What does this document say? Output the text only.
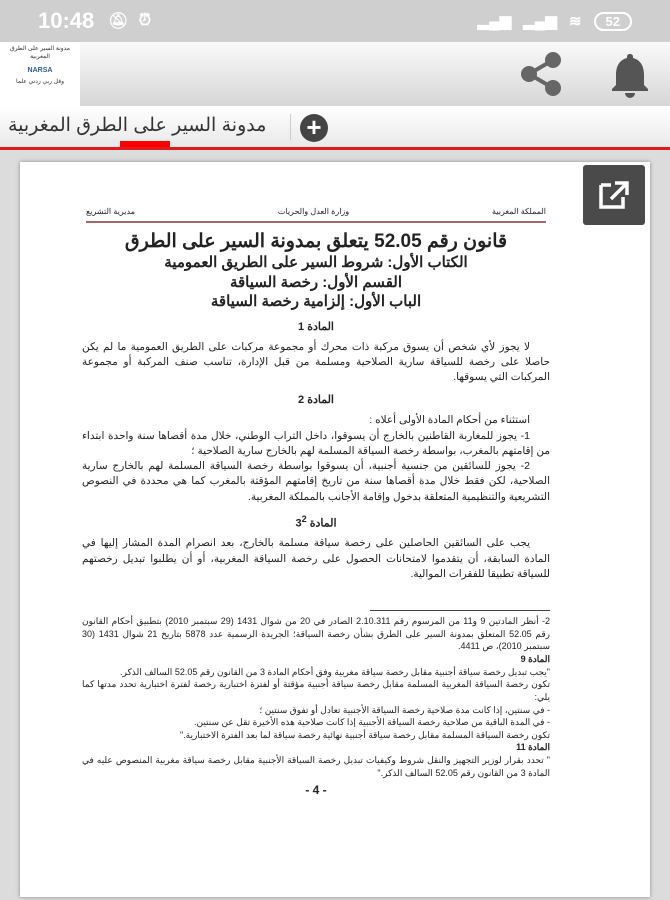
10:48 🔕︎ ⏰︎	▂▄▆ ▂▄▆ ≋	52
مدونة السير على الطرق المغربية
NARSA
وقل ربي زدني علما
مدونة السير على الطرق المغربية +
المملكة المغربية
وزارة العدل والحريات
مديرية التشريع
قانون رقم 52.05 يتعلق بمدونة السير على الطرق
الكتاب الأول: شروط السير على الطريق العمومية
القسم الأول: رخصة السياقة
الباب الأول: إلزامية رخصة السياقة
المادة 1
لا يجوز لأي شخص أن يسوق مركبة ذات محرك أو مجموعة مركبات على الطريق العمومية ما لم يكن حاصلا على رخصة للسياقة سارية الصلاحية ومسلمة من قبل الإدارة، تناسب صنف المركبة أو مجموعة المركبات التي يسوقها.
المادة 2
استثناء من أحكام المادة الأولى أعلاه :
1- يجوز للمغاربة القاطنين بالخارج أن يسوقوا، داخل التراب الوطني، خلال مدة أقصاها سنة واحدة ابتداء من إقامتهم بالمغرب، بواسطة رخصة السياقة المسلمة لهم بالخارج سارية الصلاحية ؛
2- يجوز للسائقين من جنسية أجنبية، أن يسوقوا بواسطة رخصة السياقة المسلمة لهم بالخارج سارية الصلاحية، لكن فقط خلال مدة أقصاها سنة من تاريخ إقامتهم المؤقتة بالمغرب كما هي محددة في النصوص التشريعية والتنظيمية المتعلقة بدخول وإقامة الأجانب بالمملكة المغربية.
المادة $3^2$
يجب على السائقين الحاصلين على رخصة سياقة مسلمة بالخارج، بعد انصرام المدة المشار إليها في المادة السابقة، أن يتقدموا لامتحانات الحصول على رخصة السياقة المغربية، أو أن يطلبوا تبديل رخصتهم للسياقة تطبيقا للفقرات الموالية.
2- أنظر المادتين 9 و11 من المرسوم رقم 2.10.311 الصادر في 20 من شوال 1431 (29 سبتمبر 2010) بتطبيق أحكام القانون رقم 52.05 المتعلق بمدونة السير على الطرق بشأن رخصة السياقة؛ الجريدة الرسمية عدد 5878 بتاريخ 21 شوال 1431 (30 سبتمبر 2010)، ص 4411.
المادة 9
"يجب تبديل رخصة سياقة أجنبية مقابل رخصة سياقة مغربية وفق أحكام المادة 3 من القانون رقم 52.05 السالف الذكر.
تكون رخصة السياقة المغربية المسلمة مقابل رخصة سياقة أجنبية مؤقتة أو لفترة اختبارية رخصة لفترة اختبارية تحدد مدتها كما يلي:
- في سنتين، إذا كانت مدة صلاحية رخصة السياقة الأجنبية تعادل أو تفوق سنتين ؛
- في المدة الباقية من صلاحية رخصة السياقة الأجنبية إذا كانت صلاحية هذه الأخيرة تقل عن سنتين.
تكون رخصة السياقة المسلمة مقابل رخصة سياقة أجنبية نهائية رخصة سياقة لما بعد الفترة الاختبارية."
المادة 11
" تحدد بقرار لوزير التجهيز والنقل شروط وكيفيات تبديل رخصة السياقة الأجنبية مقابل رخصة سياقة مغربية المنصوص عليه في المادة 3 من القانون رقم 52.05 السالف الذكر."
- 4 -
